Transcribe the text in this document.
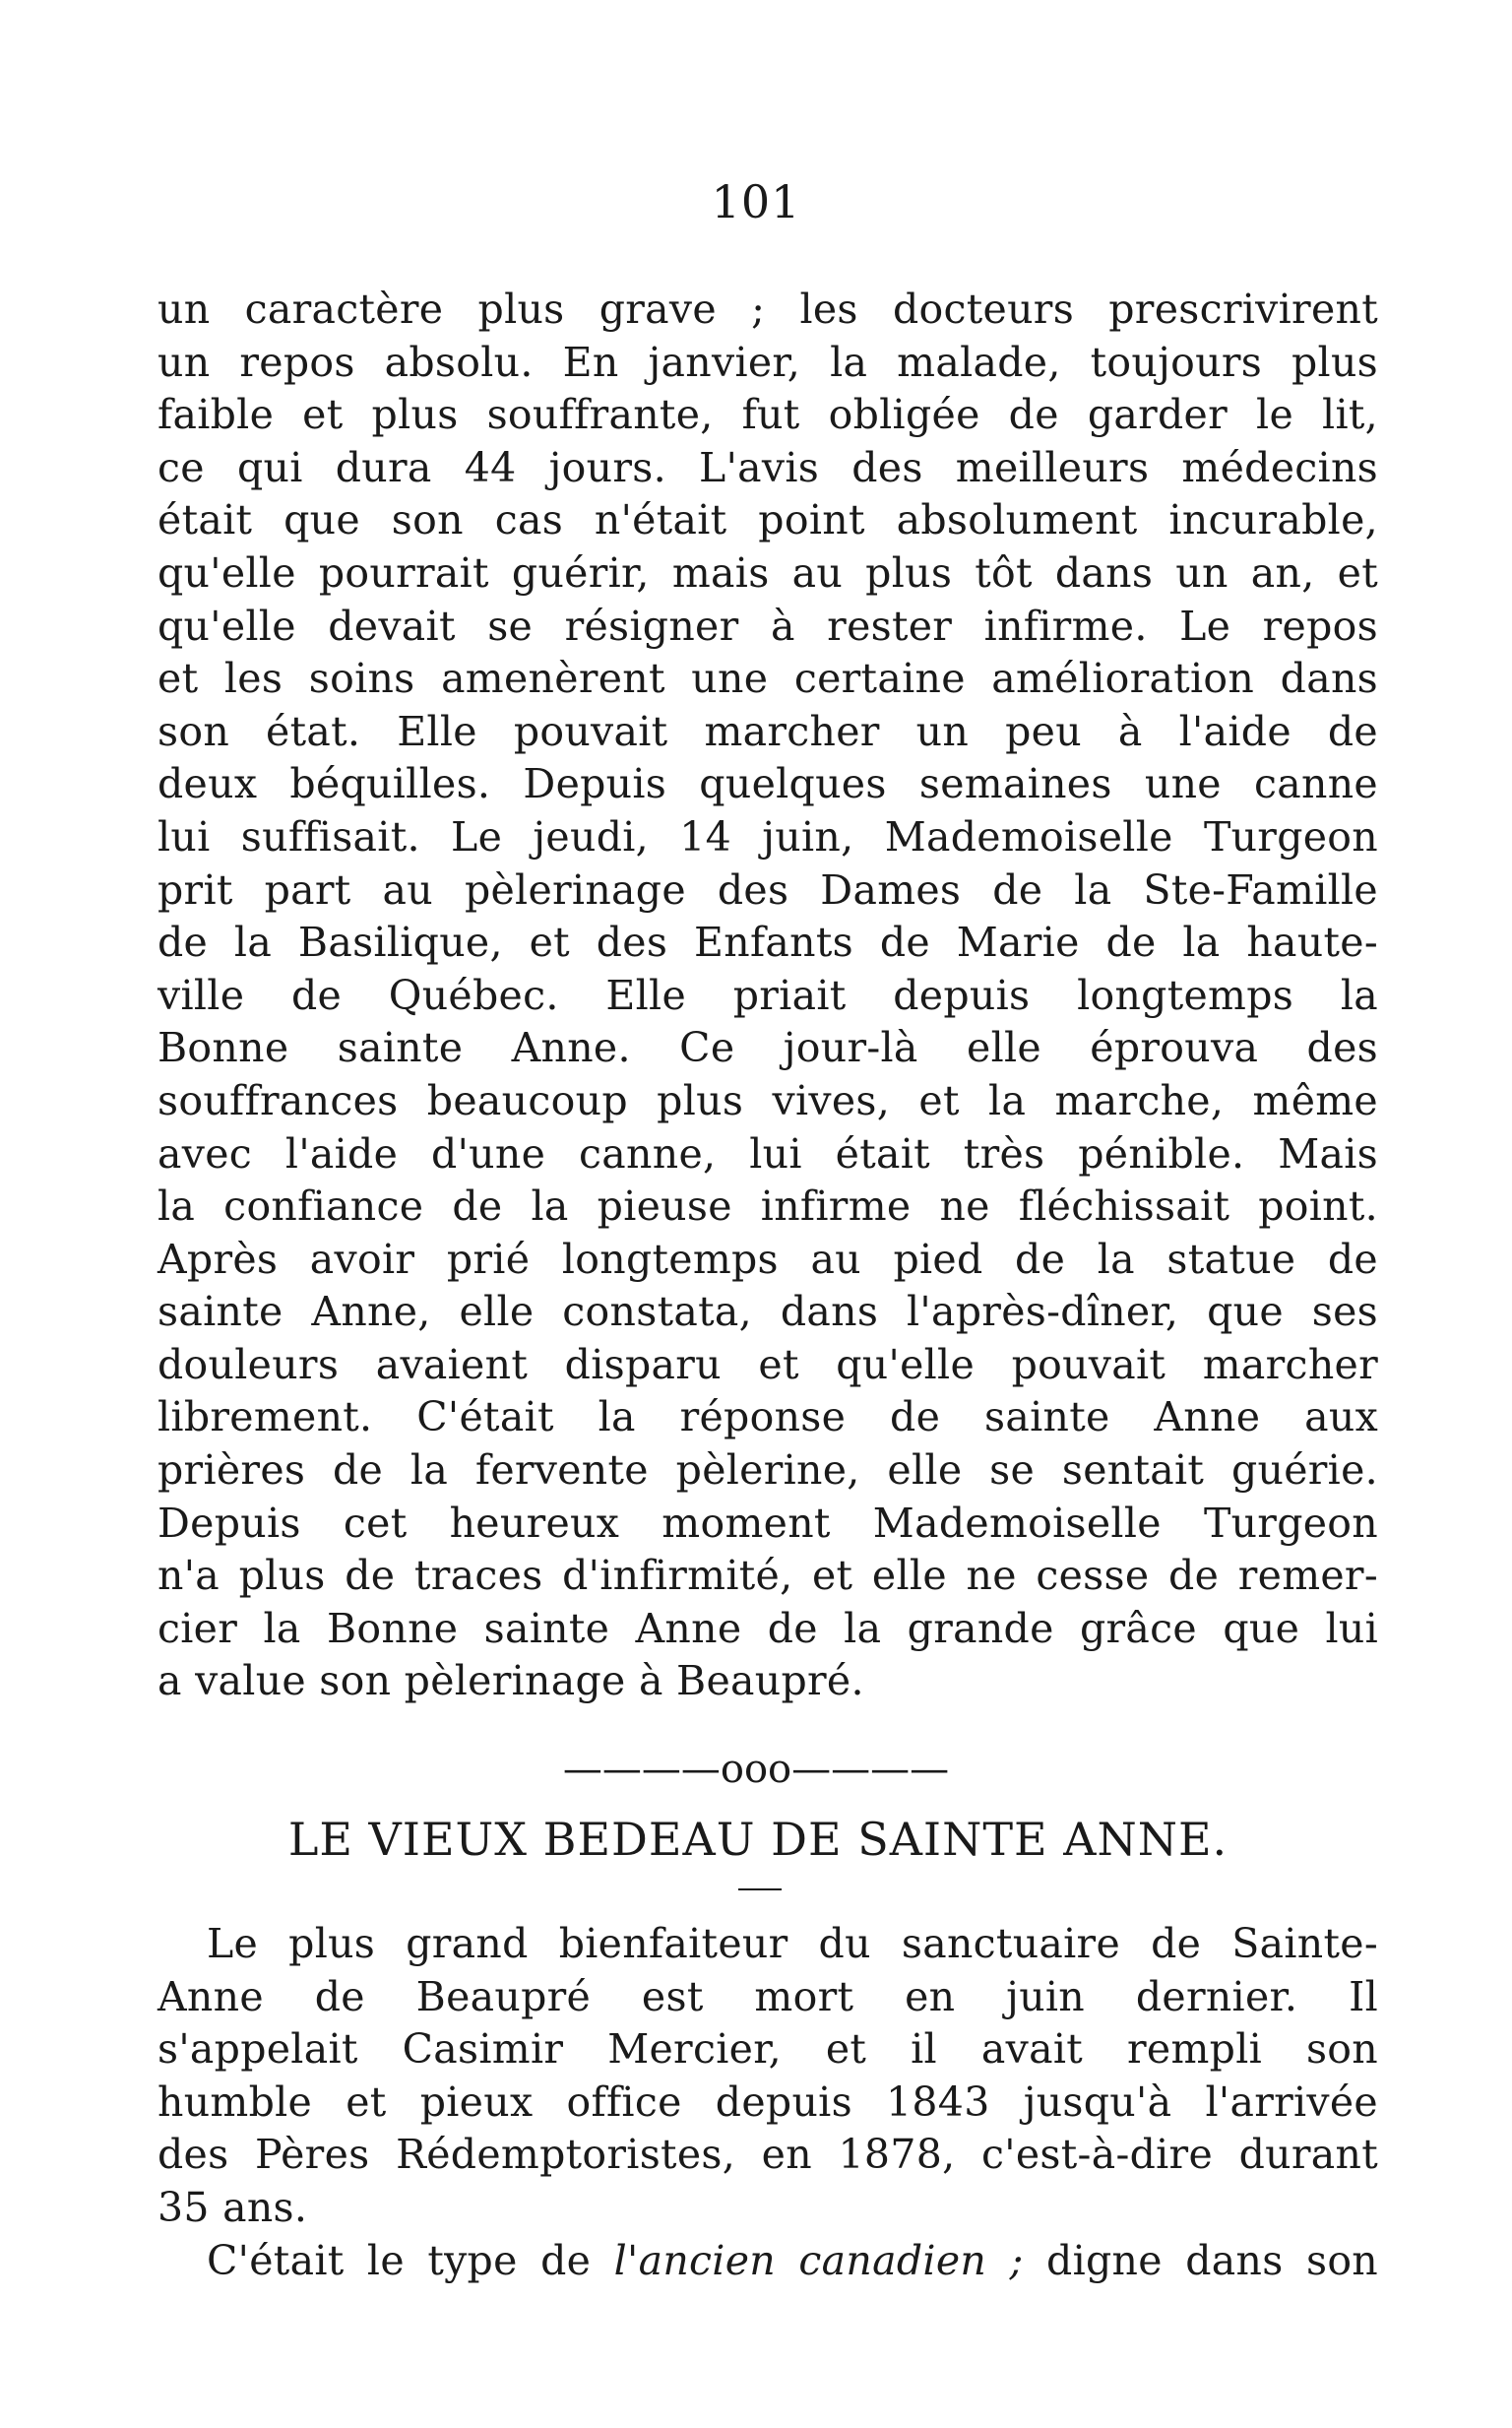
101
un caractère plus grave ; les docteurs prescrivirent
un repos absolu. En janvier, la malade, toujours plus
faible et plus souffrante, fut obligée de garder le lit,
ce qui dura 44 jours. L'avis des meilleurs médecins
était que son cas n'était point absolument incurable,
qu'elle pourrait guérir, mais au plus tôt dans un an, et
qu'elle devait se résigner à rester infirme. Le repos
et les soins amenèrent une certaine amélioration dans
son état. Elle pouvait marcher un peu à l'aide de
deux béquilles. Depuis quelques semaines une canne
lui suffisait. Le jeudi, 14 juin, Mademoiselle Turgeon
prit part au pèlerinage des Dames de la Ste-Famille
de la Basilique, et des Enfants de Marie de la haute-
ville de Québec. Elle priait depuis longtemps la
Bonne sainte Anne. Ce jour-là elle éprouva des
souffrances beaucoup plus vives, et la marche, même
avec l'aide d'une canne, lui était très pénible. Mais
la confiance de la pieuse infirme ne fléchissait point.
Après avoir prié longtemps au pied de la statue de
sainte Anne, elle constata, dans l'après-dîner, que ses
douleurs avaient disparu et qu'elle pouvait marcher
librement. C'était la réponse de sainte Anne aux
prières de la fervente pèlerine, elle se sentait guérie.
Depuis cet heureux moment Mademoiselle Turgeon
n'a plus de traces d'infirmité, et elle ne cesse de remer-
cier la Bonne sainte Anne de la grande grâce que lui
a value son pèlerinage à Beaupré.
————ooo————
LE VIEUX BEDEAU DE SAINTE ANNE.
Le plus grand bienfaiteur du sanctuaire de Sainte-
Anne de Beaupré est mort en juin dernier. Il
s'appelait Casimir Mercier, et il avait rempli son
humble et pieux office depuis 1843 jusqu'à l'arrivée
des Pères Rédemptoristes, en 1878, c'est-à-dire durant
35 ans.
C'était le type de l'ancien canadien ; digne dans son
